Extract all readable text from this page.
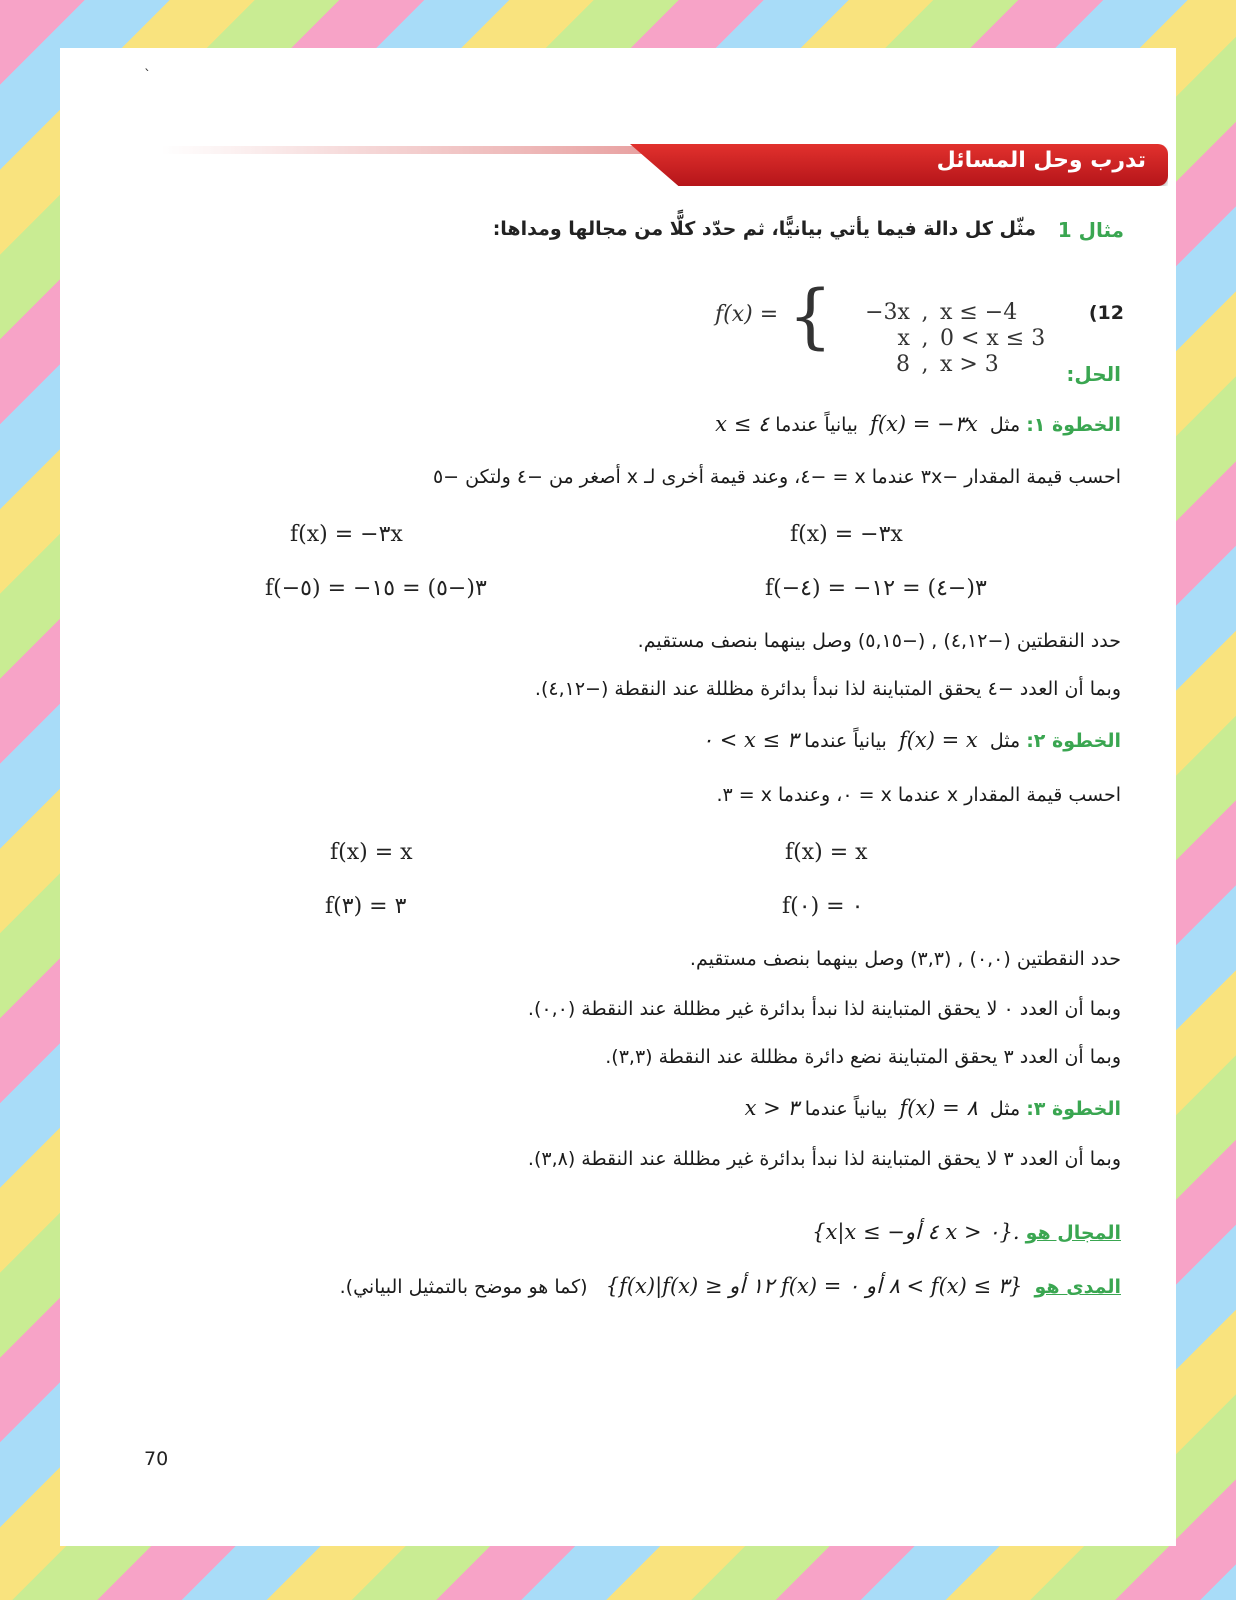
`
تدرب وحل المسائل
مثال 1
مثّل كل دالة فيما يأتي بيانيًّا، ثم حدّد كلًّا من مجالها ومداها:
(12
f(x) = {	−3x , x ≤ −4

x , 0 < x ≤ 3

8 , x > 3
	الحل:
الخطوة ١: مثل  f(x) = −٣x  بيانياً عندما x ≤ ٤
احسب قيمة المقدار −٣x عندما x = −٤، وعند قيمة أخرى لـ x أصغر من −٤ ولتكن −٥
f(x) = −٣x
f(−٤) = −٣(−٤) = ١٢
f(x) = −٣x
f(−٥) = −٣(−٥) = ١٥
حدد النقطتين (−٤,١٢) , (−٥,١٥) وصل بينهما بنصف مستقيم.
وبما أن العدد −٤ يحقق المتباينة لذا نبدأ بدائرة مظللة عند النقطة (−٤,١٢).
الخطوة ٢: مثل  f(x) = x  بيانياً عندما ٠ < x ≤ ٣
احسب قيمة المقدار x عندما x = ٠، وعندما x = ٣.
f(x) = x
f(٠) = ٠
f(x) = x
f(٣) = ٣
حدد النقطتين (٠,٠) , (٣,٣) وصل بينهما بنصف مستقيم.
وبما أن العدد ٠ لا يحقق المتباينة لذا نبدأ بدائرة غير مظللة عند النقطة (٠,٠).
وبما أن العدد ٣ يحقق المتباينة نضع دائرة مظللة عند النقطة (٣,٣).
الخطوة ٣: مثل  f(x) = ٨  بيانياً عندما x > ٣
وبما أن العدد ٣ لا يحقق المتباينة لذا نبدأ بدائرة غير مظللة عند النقطة (٣,٨).
المجال هو {x|x ≤ −٤ أو x > ٠}.
المدى هو  {f(x)|f(x) ≥ ١٢ أو f(x) = ٨ أو ٠ < f(x) ≤ ٣}   (كما هو موضح بالتمثيل البياني).
70
